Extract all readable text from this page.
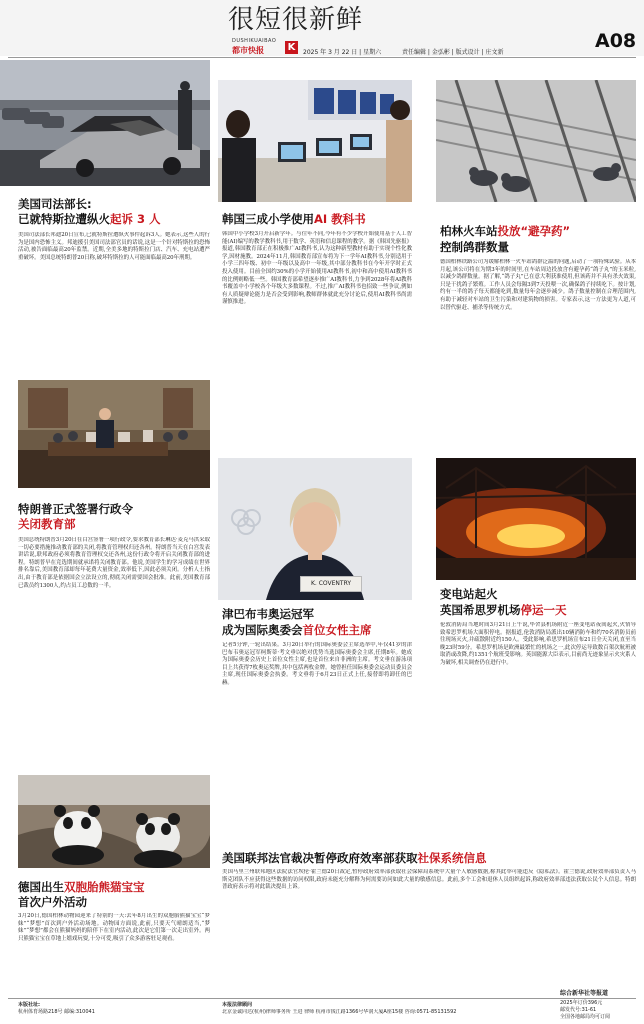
很短很新鲜
DUSHIKUAIBAO
都市快报 K	2025 年 3 月 22 日 | 星期六	责任编辑 | 金弘彬 | 版式设计 | 庄文新
A08
美国司法部长:
已就特斯拉遭纵火起诉 3 人
美国司法部长邦迪20日宣布,已就特斯拉遭纵火事件起诉3人。她表示,这些人的行为是国内恐怖主义。邦迪援引美国司法部官员的话说,这是一个针对特斯拉的恐怖活动,被告面临最高20年监禁。近期,全美多地的特斯拉门店、汽车、充电站遭严重破坏。美国总统特朗普20日称,破坏特斯拉的人可能面临最高20年刑期。
特朗普正式签署行政令
关闭教育部
美国总统特朗普3月20日在白宫签署一项行政令,要求教育部长琳达·麦克马洪采取一切必要措施推动教育部的关闭,将教育管理权归还各州。特朗普当天在白宫发表讲话说,联邦政府必须将教育管理权交还各州,这份行政令将开启关闭教育部的进程。特朗普早在竞选期间就承诺将关闭教育部。他说,美国学生的学习成绩在世界排名靠后,美国教育部却每年花费大量资金,效率低下,因此必须关闭。分析人士指出,由于教育部是依据国会立法设立的,彻底关闭需要国会批准。此前,美国教育部已裁员约1300人,约占员工总数的一半。
德国出生双胞胎熊猫宝宝
首次户外活动
3月20日,德国柏林动物园迎来了特别的一天:去年8月出生的双胞胎熊猫宝宝“梦妹”“梦想”首次到户外活动场地。动物园方面说,此前,只要天气晴朗适当,“梦妹”“梦想”都会在熊猫妈妈的陪伴下在室内活动,此次是它们第一次走出室外。两只熊猫宝宝在草地上嬉戏玩耍,十分可爱,吸引了众多游客驻足观看。
韩国三成小学使用AI 教科书
韩国中小学校3月开启新学年。与往年不同,今年有不少学校开始使用基于人工智能(AI)编写的教学教科书,用于数学、英语和信息课程的教学。据《韩国先驱报》报道,韩国教育部正在积极推广AI教科书,认为这种新型教材有助于实现个性化教学,因材施教。2024年11月,韩国教育部宣布将为下一学年AI教科书,分别适用于小学三四年级、初中一年级以及高中一年级,其中部分教科书在今年开学时正式投入使用。目前全国约30%的小学开始使用AI教科书,初中和高中使用AI教科书的比例则略低一些。韩国教育部希望逐步推广AI教科书,力争到2028年将AI教科书覆盖中小学校各个年级大多数课程。不过,推广AI教科书也招致一些争议,例如有人质疑辩论能力是否会受到影响,教师群体就此充分讨论后,使用AI教科书尚需谨慎推进。
K. COVENTRY
津巴布韦奥运冠军
成为国际奥委会首位女性主席
记者5分钟,一轮出结果。3月20日举行的国际奥委会主席选举中,年仅41岁的津巴布韦奥运冠军柯斯蒂·考文垂以绝对优势当选国际奥委会主席,任期8年。她成为国际奥委会历史上首位女性主席,也是首位来自非洲的主席。考文垂在游泳项目上共获得7枚奥运奖牌,其中包括两枚金牌。她曾担任国际奥委会运动员委员会主席,现任国际奥委会执委。考文垂将于6月23日正式上任,接替即将卸任的巴赫。
柏林火车站投放“避孕药”
控制鸽群数量
德国柏林铁路公司为缓解柏林一火车站鸽群泛滥的问题,启动了一项特殊试验。从本月起,该公司将在为期3年的时间里,在车站周边投放含有避孕药“鸽子丸”的玉米粒,以减少鸽群数量。据了解,“鸽子丸”已在意大利获准使用,但该药并不具有杀火效果,只是干扰鸽子繁殖。工作人员会每隔3到7天投喂一次,确保鸽子持续吃下。按计划,约有一半的鸽子每天都能吃到,数量每年会逐步减少。鸽子数量控制在合理范围内,有助于减轻对车站的卫生污染和对建筑物的损害。专家表示,这一方法更为人道,可以替代驱赶、捕杀等传统方式。
变电站起火
英国希思罗机场停运一天
伦敦消防局当地时间3月21日上午说,毕舍县机场附近一座变电站夜间起火,火情导致希思罗机场大面积停电。据报道,伦敦消防局派出10辆消防车和约70名消防员前往现场灭火,并疏散附近约150人。受此影响,希思罗机场宣布21日全天关闭,直至当晚23时59分。希思罗机场是欧洲最繁忙的机场之一,此次停运导致数百架次航班被取消或改降,约1351个航班受影响。英国能源大臣表示,目前尚无迹象显示火灾系人为破坏,相关调查仍在进行中。
美国联邦法官裁决暂停政府效率部获取社保系统信息
美国马里兰州联邦地区法院法官埃伦·霍兰德20日裁定,暂停政府效率部获取社会保障局系统中大量个人敏感数据,称其此举可能违反《隐私法》。霍兰德说,政府效率部负责人马斯克团队不应获得这些数据的访问权限,政府未能充分解释为何需要访问如此大量的敏感信息。此前,多个工会和退休人员组织起诉,称政府效率部违法获取公民个人信息。特朗普政府表示将对此裁决提出上诉。
综合新华社等报道
本版社址:
杭州体育场路218号 邮编:310041
本报法律顾问
北京金诚同达(杭州)律师事务所 王进 律师 杭州市钱江路1366号华润大厦A座15楼 咨询:0571-85131592
2025年订价396元
邮发代号:31-61
全国各地邮局均可订阅
